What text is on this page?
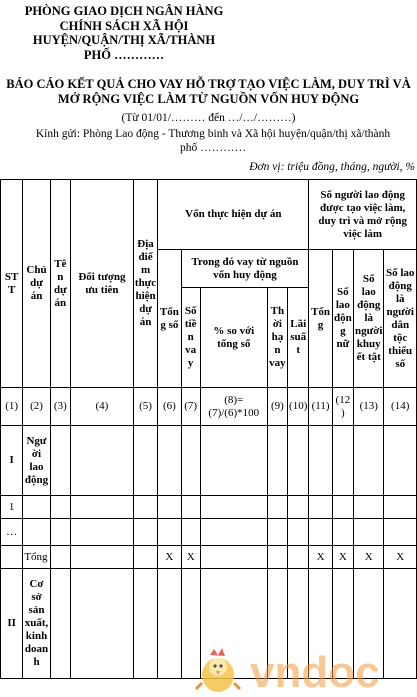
PHÒNG GIAO DỊCH NGÂN HÀNG
CHÍNH SÁCH XÃ HỘI
HUYỆN/QUẬN/THỊ XÃ/THÀNH
PHỐ …………
BÁO CÁO KẾT QUẢ CHO VAY HỖ TRỢ TẠO VIỆC LÀM, DUY TRÌ VÀ
MỞ RỘNG VIỆC LÀM TỪ NGUỒN VỐN HUY ĐỘNG
(Từ 01/01/……… đến …/…/………)
Kính gửi: Phòng Lao động - Thương binh và Xã hội huyện/quận/thị xã/thành
phố …………
Đơn vị: triệu đồng, tháng, người, %
STT	Chủ dự án	Tên dự án	Đối tượng ưu tiên	Địa điểm thực hiện dự án	Vốn thực hiện dự án					Số người lao động được tạo việc làm, duy trì và mở rộng việc làm			
					Tổng số	Trong đó vay từ nguồn vốn huy động				Tổng	Số lao động nữ	Số lao động là người khuyết tật	Số lao động là người dân tộc thiểu số
						Số tiền vay	% so với tổng số	Thời hạn vay	Lãi suất				
(1)	(2)	(3)	(4)	(5)	(6)	(7)	(8)=(7)/(6)*100	(9)	(10)	(11)	(12)	(13)	(14)
I	Người lao động												
1													
…													
	Tổng				X	X				X	X	X	X
II	Cơ sở sản xuất, kinh doanh													vndoc
